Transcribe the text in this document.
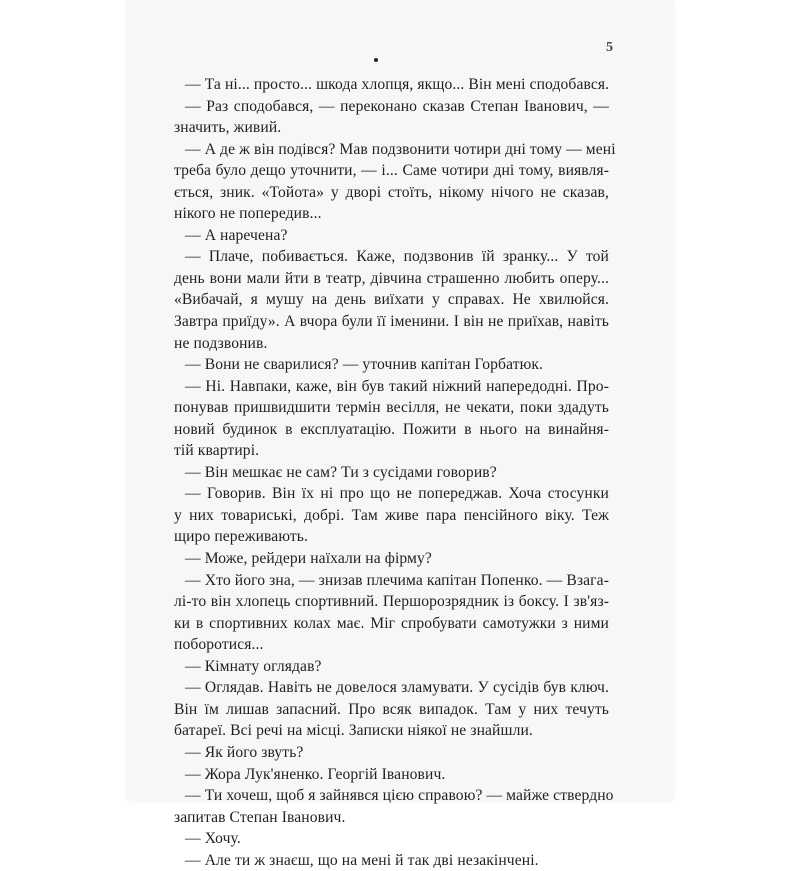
5
— Та ні... просто... шкода хлопця, якщо... Він мені сподобався.
— Раз сподобався, — переконано сказав Степан Іванович, —
значить, живий.
— А де ж він подівся? Мав подзвонити чотири дні тому — мені
треба було дещо уточнити, — і... Саме чотири дні тому, виявля-
ється, зник. «Тойота» у дворі стоїть, нікому нічого не сказав,
нікого не попередив...
— А наречена?
— Плаче, побивається. Каже, подзвонив їй зранку... У той
день вони мали йти в театр, дівчина страшенно любить оперу...
«Вибачай, я мушу на день виїхати у справах. Не хвилюйся.
Завтра приїду». А вчора були її іменини. І він не приїхав, навіть
не подзвонив.
— Вони не сварилися? — уточнив капітан Горбатюк.
— Ні. Навпаки, каже, він був такий ніжний напередодні. Про-
понував пришвидшити термін весілля, не чекати, поки здадуть
новий будинок в експлуатацію. Пожити в нього на винайня-
тій квартирі.
— Він мешкає не сам? Ти з сусідами говорив?
— Говорив. Він їх ні про що не попереджав. Хоча стосунки
у них товариські, добрі. Там живе пара пенсійного віку. Теж
щиро переживають.
— Може, рейдери наїхали на фірму?
— Хто його зна, — знизав плечима капітан Попенко. — Взага-
лі-то він хлопець спортивний. Першорозрядник із боксу. І зв'яз-
ки в спортивних колах має. Міг спробувати самотужки з ними
поборотися...
— Кімнату оглядав?
— Оглядав. Навіть не довелося зламувати. У сусідів був ключ.
Він їм лишав запасний. Про всяк випадок. Там у них течуть
батареї. Всі речі на місці. Записки ніякої не знайшли.
— Як його звуть?
— Жора Лук'яненко. Георгій Іванович.
— Ти хочеш, щоб я зайнявся цією справою? — майже ствердно
запитав Степан Іванович.
— Хочу.
— Але ти ж знаєш, що на мені й так дві незакінчені.
